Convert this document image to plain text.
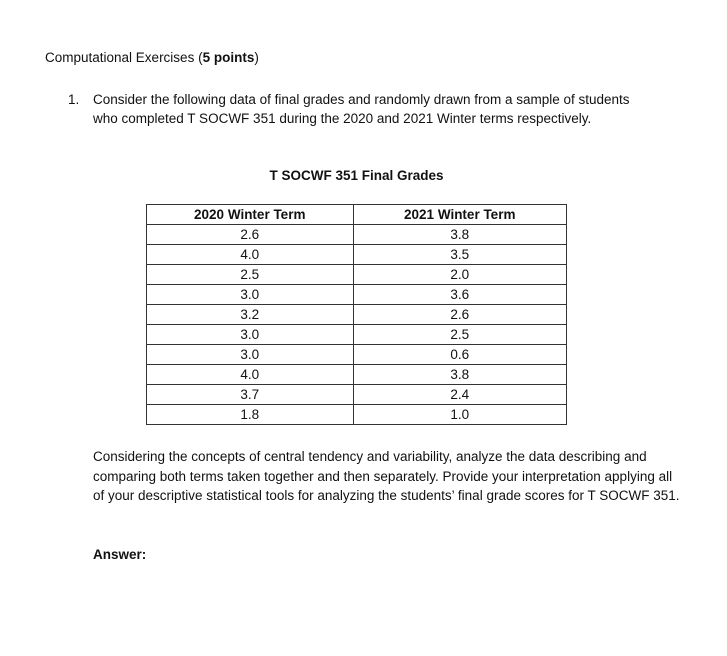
Computational Exercises (5 points)

1. Consider the following data of final grades and randomly drawn from a sample of students who completed T SOCWF 351 during the 2020 and 2021 Winter terms respectively.

T SOCWF 351 Final Grades

2020 Winter Term	2021 Winter Term
2.6	3.8
4.0	3.5
2.5	2.0
3.0	3.6
3.2	2.6
3.0	2.5
3.0	0.6
4.0	3.8
3.7	2.4
1.8	1.0

Considering the concepts of central tendency and variability, analyze the data describing and comparing both terms taken together and then separately. Provide your interpretation applying all of your descriptive statistical tools for analyzing the students’ final grade scores for T SOCWF 351.

Answer:
